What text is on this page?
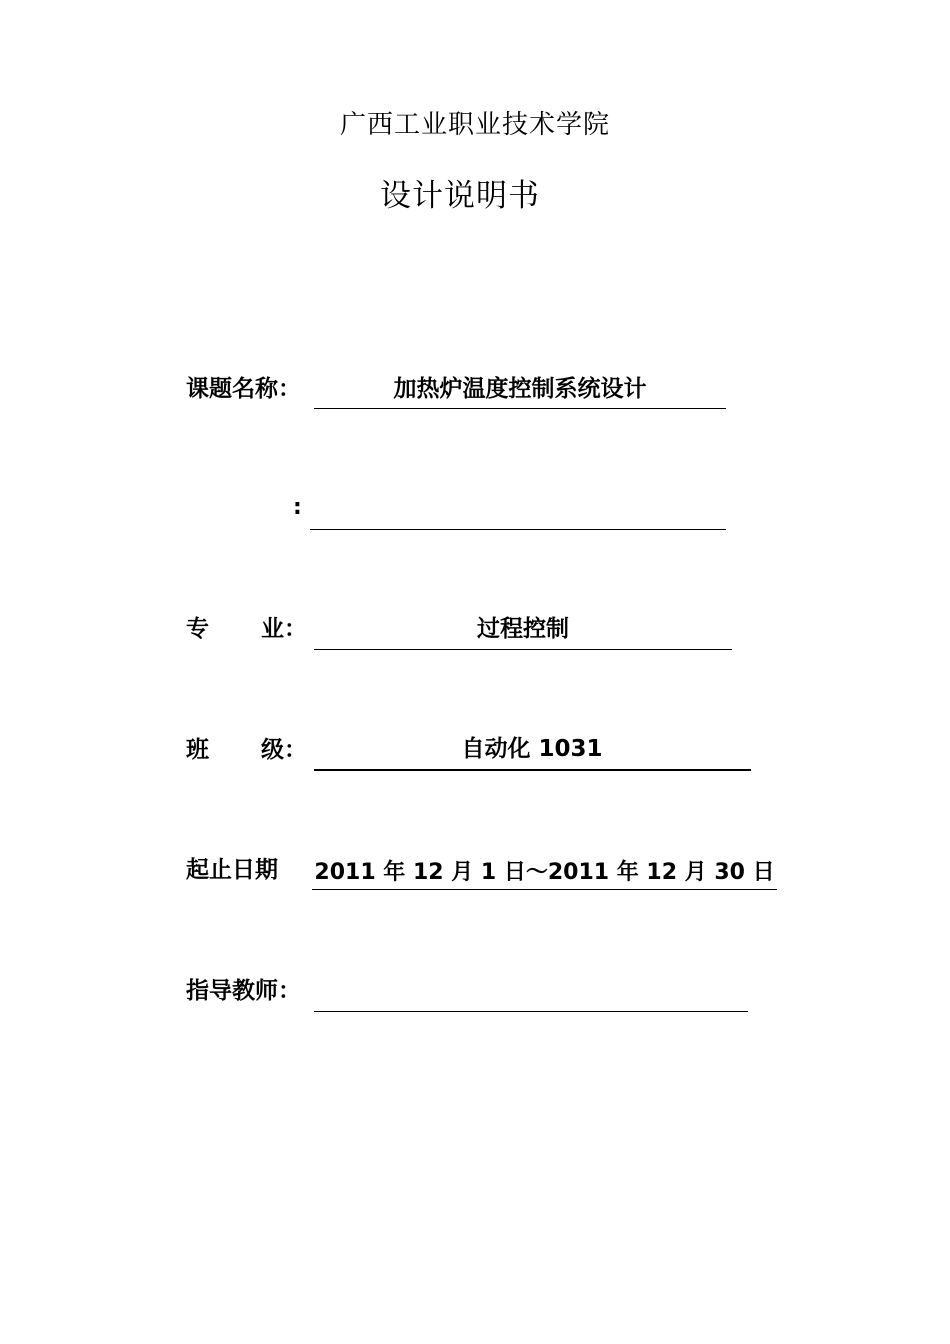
广西工业职业技术学院
设计说明书
课题名称：	加热炉温度控制系统设计
:
专 业：	过程控制
班 级：	自动化 1031
起止日期 2011 年 12 月 1 日～2011 年 12 月 30 日
指导教师：
